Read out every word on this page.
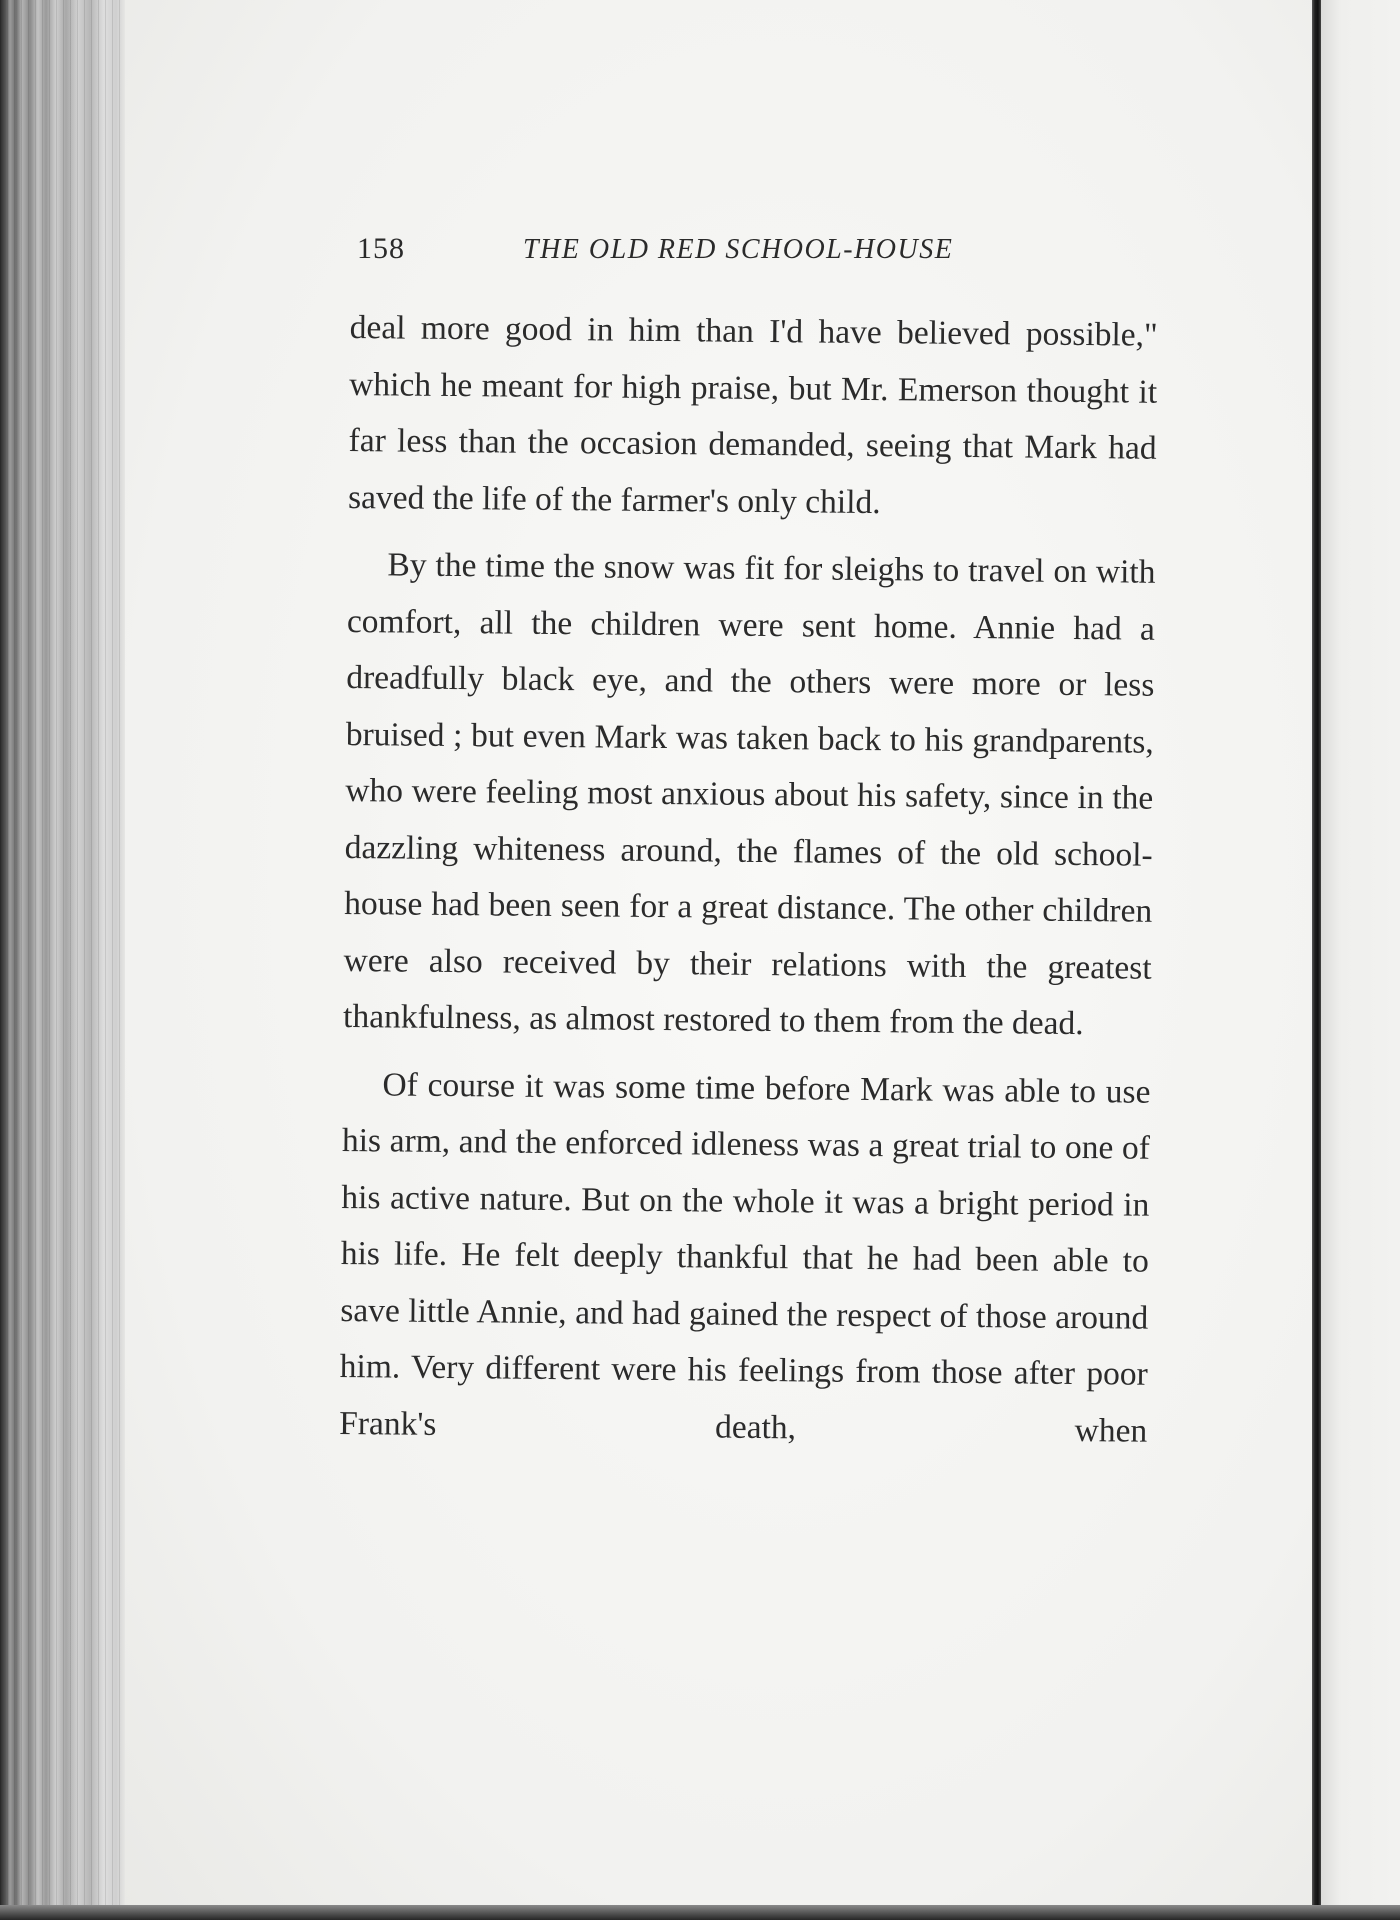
158	THE OLD RED SCHOOL-HOUSE

deal more good in him than I'd have believed possible," which he meant for high praise, but Mr. Emerson thought it far less than the occasion demanded, seeing that Mark had saved the life of the farmer's only child.

By the time the snow was fit for sleighs to travel on with comfort, all the children were sent home. Annie had a dreadfully black eye, and the others were more or less bruised ; but even Mark was taken back to his grandparents, who were feeling most anxious about his safety, since in the dazzling whiteness around, the flames of the old school-house had been seen for a great distance. The other children were also received by their relations with the greatest thankfulness, as almost restored to them from the dead.

Of course it was some time before Mark was able to use his arm, and the enforced idleness was a great trial to one of his active nature. But on the whole it was a bright period in his life. He felt deeply thankful that he had been able to save little Annie, and had gained the respect of those around him. Very different were his feelings from those after poor Frank's death, when
